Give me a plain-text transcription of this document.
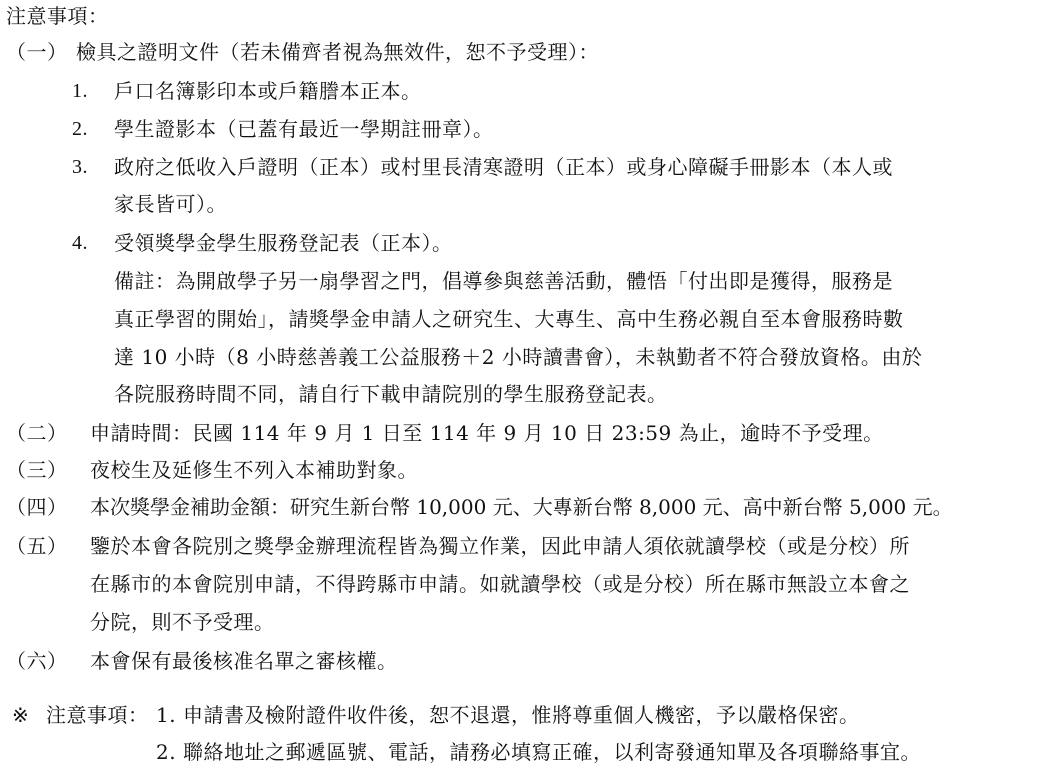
注意事項：
（一） 檢具之證明文件（若未備齊者視為無效件，恕不予受理）：
1. 戶口名簿影印本或戶籍謄本正本。
2. 學生證影本（已蓋有最近一學期註冊章）。
3. 政府之低收入戶證明（正本）或村里長清寒證明（正本）或身心障礙手冊影本（本人或
家長皆可）。
4. 受領獎學金學生服務登記表（正本）。
備註：為開啟學子另一扇學習之門，倡導參與慈善活動，體悟「付出即是獲得，服務是
真正學習的開始」，請獎學金申請人之研究生、大專生、高中生務必親自至本會服務時數
達 10 小時（8 小時慈善義工公益服務＋2 小時讀書會），未執勤者不符合發放資格。由於
各院服務時間不同，請自行下載申請院別的學生服務登記表。
（二） 申請時間：民國 114 年 9 月 1 日至 114 年 9 月 10 日 23:59 為止，逾時不予受理。
（三） 夜校生及延修生不列入本補助對象。
（四） 本次獎學金補助金額：研究生新台幣 10,000 元、大專新台幣 8,000 元、高中新台幣 5,000 元。
（五） 鑒於本會各院別之獎學金辦理流程皆為獨立作業，因此申請人須依就讀學校（或是分校）所
在縣市的本會院別申請，不得跨縣市申請。如就讀學校（或是分校）所在縣市無設立本會之
分院，則不予受理。
（六） 本會保有最後核准名單之審核權。
※ 注意事項： 1. 申請書及檢附證件收件後，恕不退還，惟將尊重個人機密，予以嚴格保密。
2. 聯絡地址之郵遞區號、電話，請務必填寫正確，以利寄發通知單及各項聯絡事宜。
